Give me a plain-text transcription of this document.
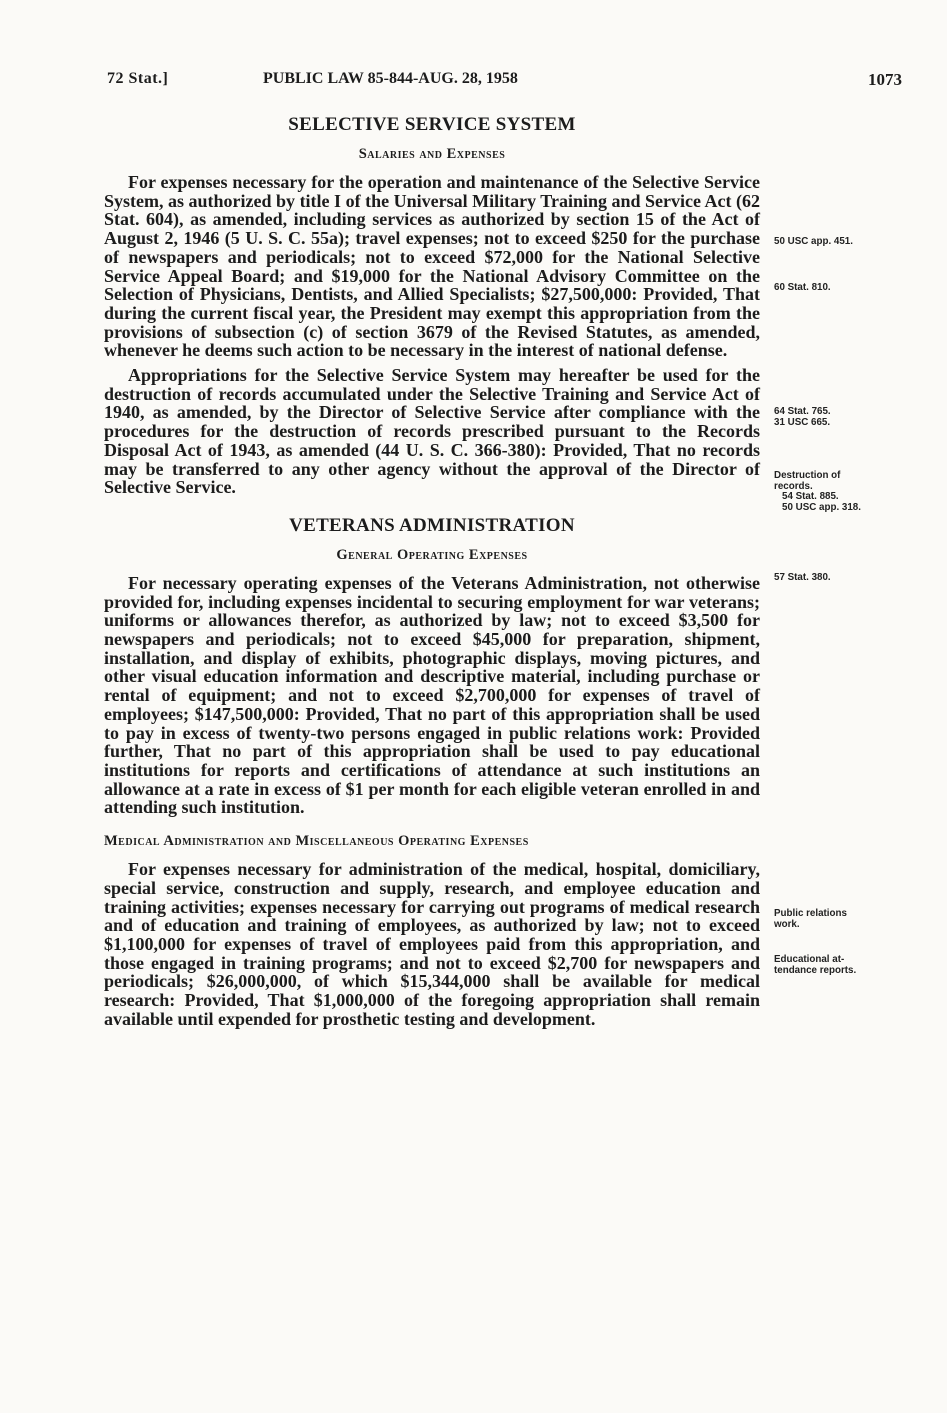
72 Stat.]	PUBLIC LAW 85-844-AUG. 28, 1958	1073
SELECTIVE SERVICE SYSTEM
Salaries and Expenses

For expenses necessary for the operation and maintenance of the Selective Service System, as authorized by title I of the Universal Military Training and Service Act (62 Stat. 604), as amended, including services as authorized by section 15 of the Act of August 2, 1946 (5 U. S. C. 55a); travel expenses; not to exceed $250 for the purchase of newspapers and periodicals; not to exceed $72,000 for the National Selective Service Appeal Board; and $19,000 for the National Advisory Committee on the Selection of Physicians, Dentists, and Allied Specialists; $27,500,000: Provided, That during the current fiscal year, the President may exempt this appropriation from the provisions of subsection (c) of section 3679 of the Revised Statutes, as amended, whenever he deems such action to be necessary in the interest of national defense.

Appropriations for the Selective Service System may hereafter be used for the destruction of records accumulated under the Selective Training and Service Act of 1940, as amended, by the Director of Selective Service after compliance with the procedures for the destruction of records prescribed pursuant to the Records Disposal Act of 1943, as amended (44 U. S. C. 366-380): Provided, That no records may be transferred to any other agency without the approval of the Director of Selective Service.

VETERANS ADMINISTRATION
General Operating Expenses

For necessary operating expenses of the Veterans Administration, not otherwise provided for, including expenses incidental to securing employment for war veterans; uniforms or allowances therefor, as authorized by law; not to exceed $3,500 for newspapers and periodicals; not to exceed $45,000 for preparation, shipment, installation, and display of exhibits, photographic displays, moving pictures, and other visual education information and descriptive material, including purchase or rental of equipment; and not to exceed $2,700,000 for expenses of travel of employees; $147,500,000: Provided, That no part of this appropriation shall be used to pay in excess of twenty-two persons engaged in public relations work: Provided further, That no part of this appropriation shall be used to pay educational institutions for reports and certifications of attendance at such institutions an allowance at a rate in excess of $1 per month for each eligible veteran enrolled in and attending such institution.

Medical Administration and Miscellaneous Operating Expenses

For expenses necessary for administration of the medical, hospital, domiciliary, special service, construction and supply, research, and employee education and training activities; expenses necessary for carrying out programs of medical research and of education and training of employees, as authorized by law; not to exceed $1,100,000 for expenses of travel of employees paid from this appropriation, and those engaged in training programs; and not to exceed $2,700 for newspapers and periodicals; $26,000,000, of which $15,344,000 shall be available for medical research: Provided, That $1,000,000 of the foregoing appropriation shall remain available until expended for prosthetic testing and development.

50 USC app. 451.
60 Stat. 810.
64 Stat. 765.
31 USC 665.
Destruction of
records.
54 Stat. 885.
50 USC app. 318.
57 Stat. 380.
Public relations
work.
Educational at-
tendance reports.
